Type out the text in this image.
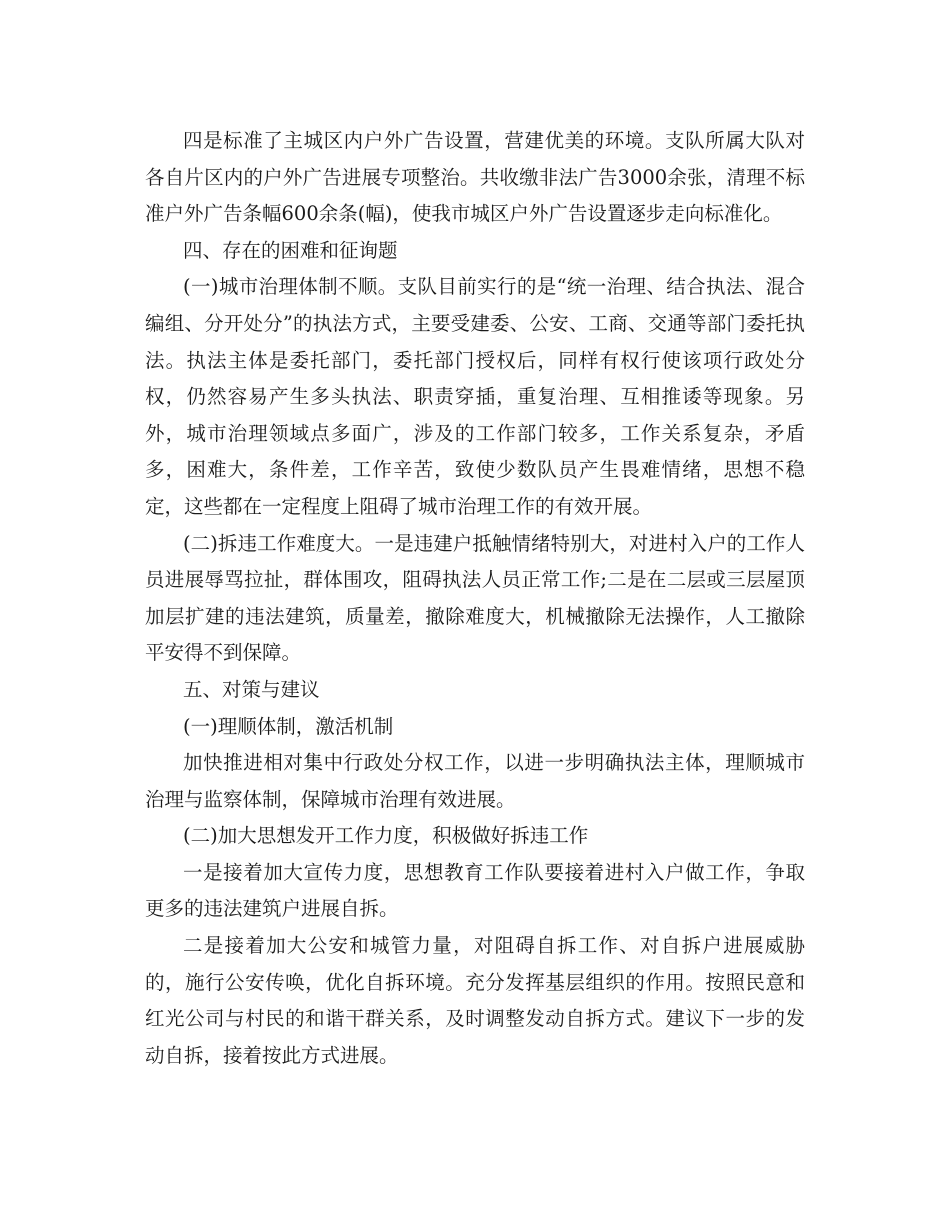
四是标准了主城区内户外广告设置，营建优美的环境。支队所属大队对各自片区内的户外广告进展专项整治。共收缴非法广告3000余张，清理不标准户外广告条幅600余条(幅)，使我市城区户外广告设置逐步走向标准化。

四、存在的困难和征询题

(一)城市治理体制不顺。支队目前实行的是“统一治理、结合执法、混合编组、分开处分”的执法方式，主要受建委、公安、工商、交通等部门委托执法。执法主体是委托部门，委托部门授权后，同样有权行使该项行政处分权，仍然容易产生多头执法、职责穿插，重复治理、互相推诿等现象。另外，城市治理领域点多面广，涉及的工作部门较多，工作关系复杂，矛盾多，困难大，条件差，工作辛苦，致使少数队员产生畏难情绪，思想不稳定，这些都在一定程度上阻碍了城市治理工作的有效开展。

(二)拆违工作难度大。一是违建户抵触情绪特别大，对进村入户的工作人员进展辱骂拉扯，群体围攻，阻碍执法人员正常工作;二是在二层或三层屋顶加层扩建的违法建筑，质量差，撤除难度大，机械撤除无法操作，人工撤除平安得不到保障。

五、对策与建议

(一)理顺体制，激活机制

加快推进相对集中行政处分权工作，以进一步明确执法主体，理顺城市治理与监察体制，保障城市治理有效进展。

(二)加大思想发开工作力度，积极做好拆违工作

一是接着加大宣传力度，思想教育工作队要接着进村入户做工作，争取更多的违法建筑户进展自拆。

二是接着加大公安和城管力量，对阻碍自拆工作、对自拆户进展威胁的，施行公安传唤，优化自拆环境。充分发挥基层组织的作用。按照民意和红光公司与村民的和谐干群关系，及时调整发动自拆方式。建议下一步的发动自拆，接着按此方式进展。
